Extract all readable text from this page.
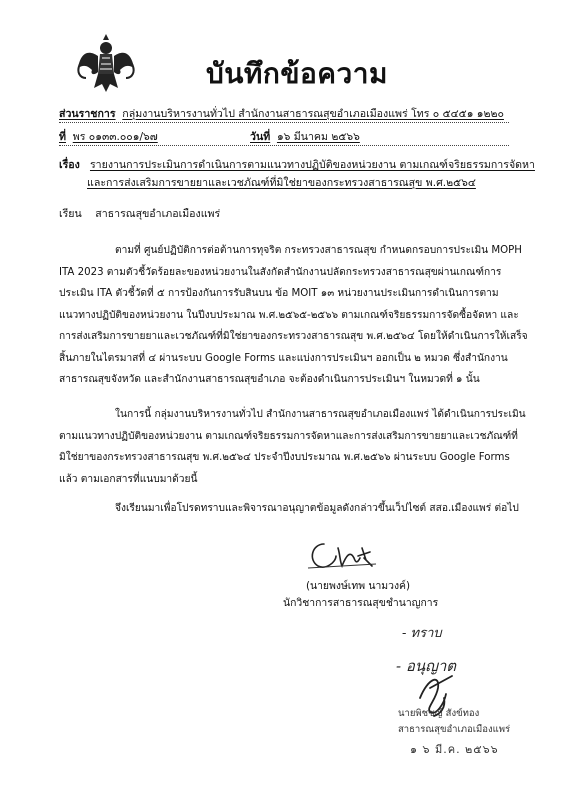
บันทึกข้อความ
ส่วนราชการ กลุ่มงานบริหารงานทั่วไป สำนักงานสาธารณสุขอำเภอเมืองแพร่ โทร ๐ ๕๔๕๑ ๑๒๒๐
ที่ พร ๐๑๓๓.๐๐๑/๖๗	วันที่ ๑๖ มีนาคม ๒๕๖๖
เรื่อง รายงานการประเมินการดำเนินการตามแนวทางปฏิบัติของหน่วยงาน ตามเกณฑ์จริยธรรมการจัดหา
และการส่งเสริมการขายยาและเวชภัณฑ์ที่มิใช่ยาของกระทรวงสาธารณสุข พ.ศ.๒๕๖๔
เรียน สาธารณสุขอำเภอเมืองแพร่
ตามที่ ศูนย์ปฏิบัติการต่อต้านการทุจริต กระทรวงสาธารณสุข กำหนดกรอบการประเมิน MOPH
ITA 2023 ตามตัวชี้วัดร้อยละของหน่วยงานในสังกัดสำนักงานปลัดกระทรวงสาธารณสุขผ่านเกณฑ์การ
ประเมิน ITA ตัวชี้วัดที่ ๕ การป้องกันการรับสินบน ข้อ MOIT ๑๓ หน่วยงานประเมินการดำเนินการตาม
แนวทางปฏิบัติของหน่วยงาน ในปีงบประมาณ พ.ศ.๒๕๖๕-๒๕๖๖ ตามเกณฑ์จริยธรรมการจัดซื้อจัดหา และ
การส่งเสริมการขายยาและเวชภัณฑ์ที่มิใช่ยาของกระทรวงสาธารณสุข พ.ศ.๒๕๖๔ โดยให้ดำเนินการให้เสร็จ
สิ้นภายในไตรมาสที่ ๔ ผ่านระบบ Google Forms และแบ่งการประเมินฯ ออกเป็น ๒ หมวด ซึ่งสำนักงาน
สาธารณสุขจังหวัด และสำนักงานสาธารณสุขอำเภอ จะต้องดำเนินการประเมินฯ ในหมวดที่ ๑ นั้น
ในการนี้ กลุ่มงานบริหารงานทั่วไป สำนักงานสาธารณสุขอำเภอเมืองแพร่ ได้ดำเนินการประเมิน
ตามแนวทางปฏิบัติของหน่วยงาน ตามเกณฑ์จริยธรรมการจัดหาและการส่งเสริมการขายยาและเวชภัณฑ์ที่
มิใช่ยาของกระทรวงสาธารณสุข พ.ศ.๒๕๖๔ ประจำปีงบประมาณ พ.ศ.๒๕๖๖ ผ่านระบบ Google Forms
แล้ว ตามเอกสารที่แนบมาด้วยนี้
จึงเรียนมาเพื่อโปรดทราบและพิจารณาอนุญาตข้อมูลดังกล่าวขึ้นเว็ปไซต์ สสอ.เมืองแพร่ ต่อไป
(นายพงษ์เทพ นามวงค์)
นักวิชาการสาธารณสุขชำนาญการ
- ทราบ
- อนุญาต
นายพิชชญ์ สังข์ทอง
สาธารณสุขอำเภอเมืองแพร่
๑ ๖ มี.ค. ๒๕๖๖
